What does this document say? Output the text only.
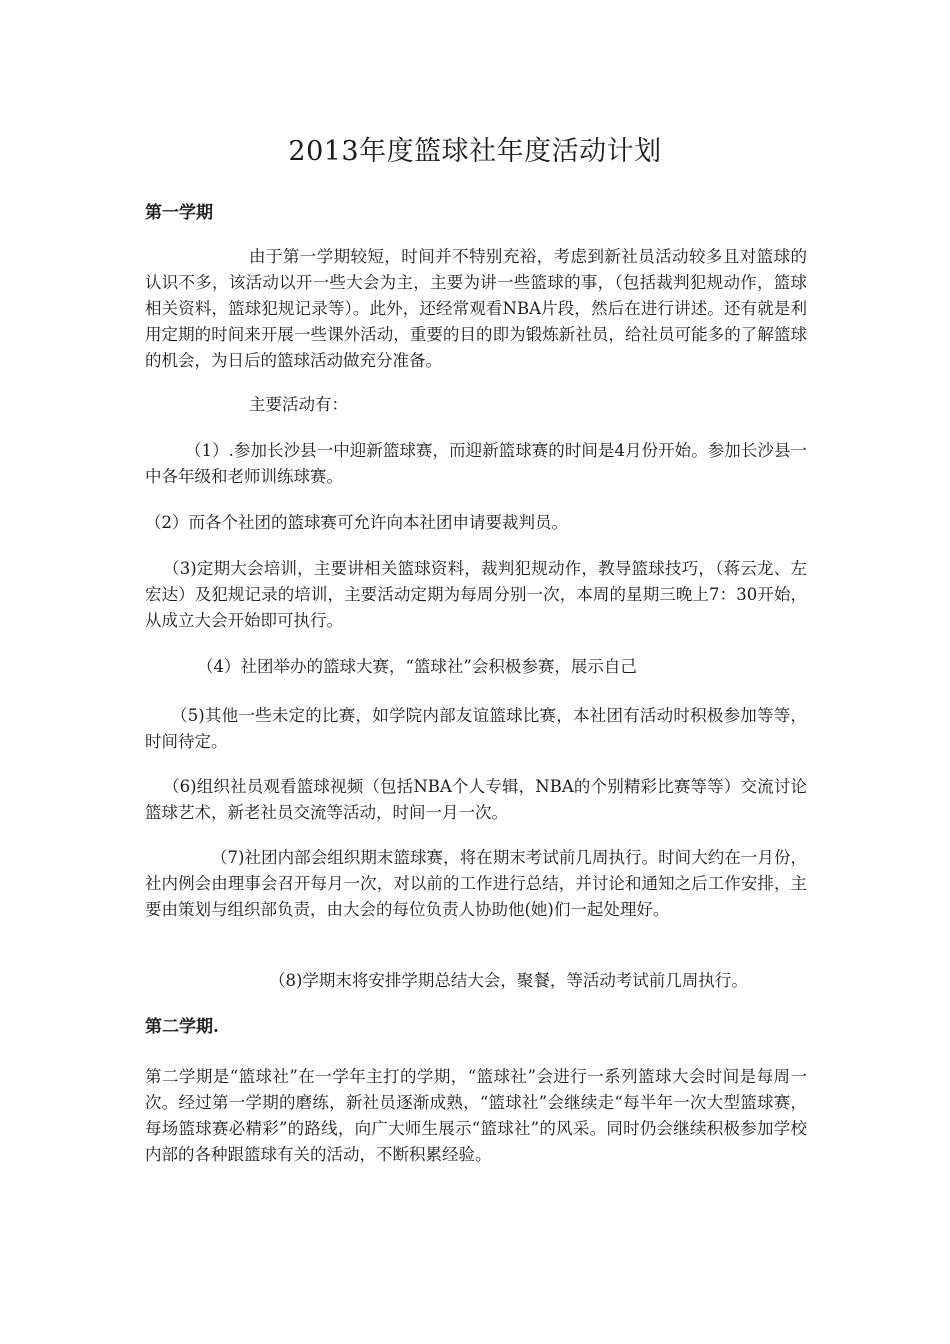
2013年度篮球社年度活动计划
第一学期

由于第一学期较短，时间并不特别充裕，考虑到新社员活动较多且对篮球的认识不多，该活动以开一些大会为主，主要为讲一些篮球的事，（包括裁判犯规动作，篮球相关资料，篮球犯规记录等）。此外，还经常观看NBA片段，然后在进行讲述。还有就是利用定期的时间来开展一些课外活动，重要的目的即为锻炼新社员，给社员可能多的了解篮球的机会，为日后的篮球活动做充分准备。

主要活动有：

（1）.参加长沙县一中迎新篮球赛，而迎新篮球赛的时间是4月份开始。参加长沙县一中各年级和老师训练球赛。

（2）而各个社团的篮球赛可允许向本社团申请要裁判员。

（3)定期大会培训，主要讲相关篮球资料，裁判犯规动作，教导篮球技巧，（蒋云龙、左宏达）及犯规记录的培训，主要活动定期为每周分别一次，本周的星期三晚上7：30开始，从成立大会开始即可执行。

（4）社团举办的篮球大赛，“篮球社”会积极参赛，展示自己

（5)其他一些未定的比赛，如学院内部友谊篮球比赛，本社团有活动时积极参加等等，时间待定。

（6)组织社员观看篮球视频（包括NBA个人专辑，NBA的个别精彩比赛等等）交流讨论篮球艺术，新老社员交流等活动，时间一月一次。

（7)社团内部会组织期末篮球赛，将在期末考试前几周执行。时间大约在一月份，社内例会由理事会召开每月一次，对以前的工作进行总结，并讨论和通知之后工作安排，主要由策划与组织部负责，由大会的每位负责人协助他(她)们一起处理好。

（8)学期末将安排学期总结大会，聚餐，等活动考试前几周执行。

第二学期.

第二学期是“篮球社”在一学年主打的学期，“篮球社”会进行一系列篮球大会时间是每周一次。经过第一学期的磨练，新社员逐渐成熟，“篮球社”会继续走“每半年一次大型篮球赛，每场篮球赛必精彩”的路线，向广大师生展示“篮球社”的风采。同时仍会继续积极参加学校内部的各种跟篮球有关的活动，不断积累经验。
